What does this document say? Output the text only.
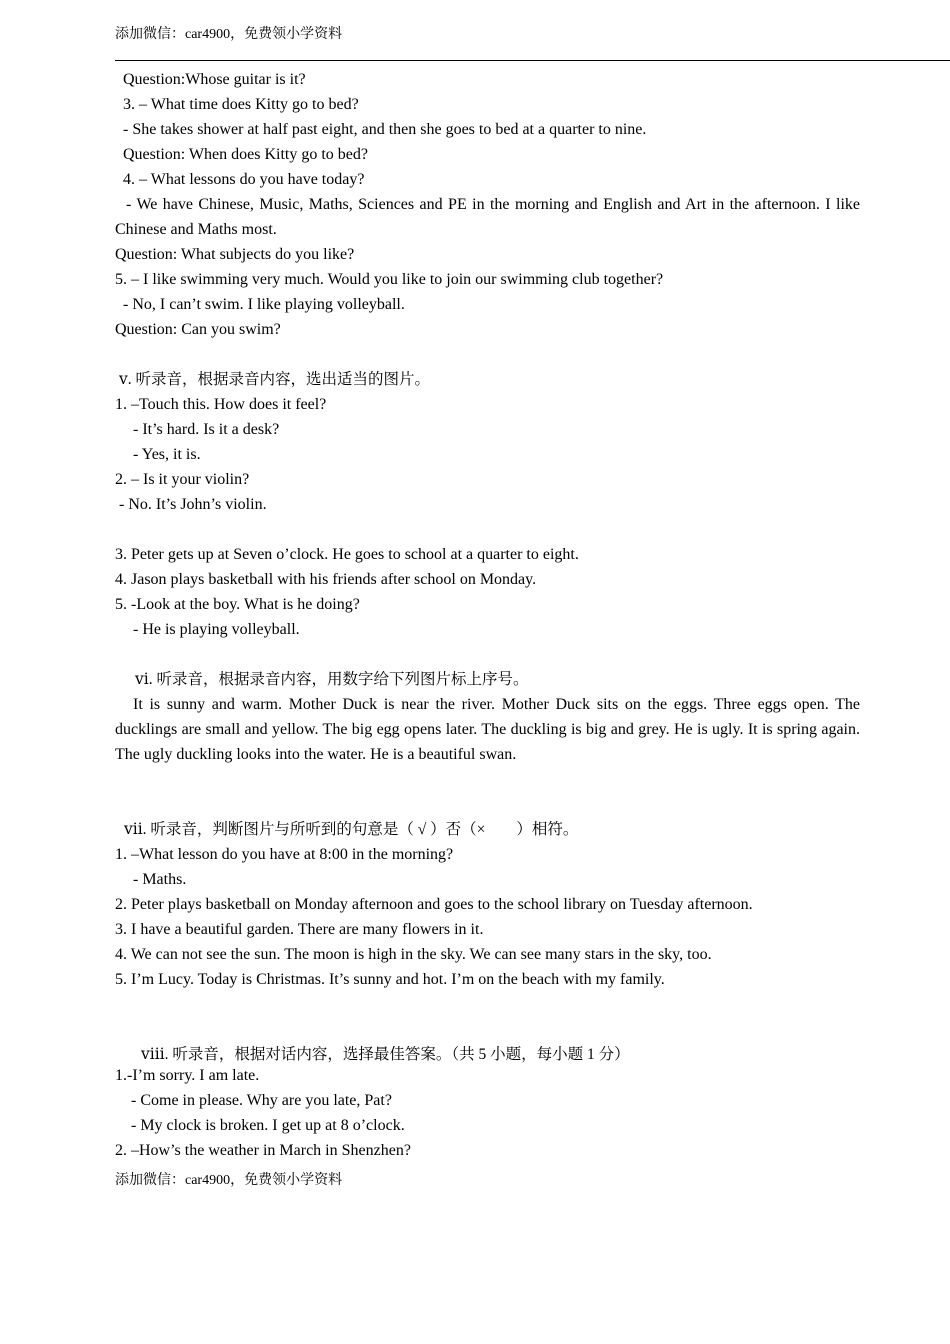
添加微信：car4900，免费领小学资料
Question:Whose guitar is it?
3. – What time does Kitty go to bed?
- She takes shower at half past eight, and then she goes to bed at a quarter to nine.
Question: When does Kitty go to bed?
4. – What lessons do you have today?
- We have Chinese, Music, Maths, Sciences and PE in the morning and English and Art in the afternoon. I like Chinese and Maths most.
Question: What subjects do you like?
5. – I like swimming very much. Would you like to join our swimming club together?
- No, I can’t swim. I like playing volleyball.
Question: Can you swim?
ⅴ. 听录音，根据录音内容，选出适当的图片。
1. –Touch this. How does it feel?
- It’s hard. Is it a desk?
- Yes, it is.
2. – Is it your violin?
- No. It’s John’s violin.
3. Peter gets up at Seven o’clock. He goes to school at a quarter to eight.
4. Jason plays basketball with his friends after school on Monday.
5. -Look at the boy. What is he doing?
- He is playing volleyball.
ⅵ. 听录音，根据录音内容，用数字给下列图片标上序号。
It is sunny and warm. Mother Duck is near the river. Mother Duck sits on the eggs. Three eggs open. The ducklings are small and yellow. The big egg opens later. The duckling is big and grey. He is ugly. It is spring again. The ugly duckling looks into the water. He is a beautiful swan.
ⅶ. 听录音，判断图片与所听到的句意是（ √ ）否（×　　）相符。
1. –What lesson do you have at 8:00 in the morning?
- Maths.
2. Peter plays basketball on Monday afternoon and goes to the school library on Tuesday afternoon.
3. I have a beautiful garden. There are many flowers in it.
4. We can not see the sun. The moon is high in the sky. We can see many stars in the sky, too.
5. I’m Lucy. Today is Christmas. It’s sunny and hot. I’m on the beach with my family.
ⅷ. 听录音，根据对话内容，选择最佳答案。（共 5 小题，每小题 1 分）
1.-I’m sorry. I am late.
- Come in please. Why are you late, Pat?
- My clock is broken. I get up at 8 o’clock.
2. –How’s the weather in March in Shenzhen?
添加微信：car4900，免费领小学资料
